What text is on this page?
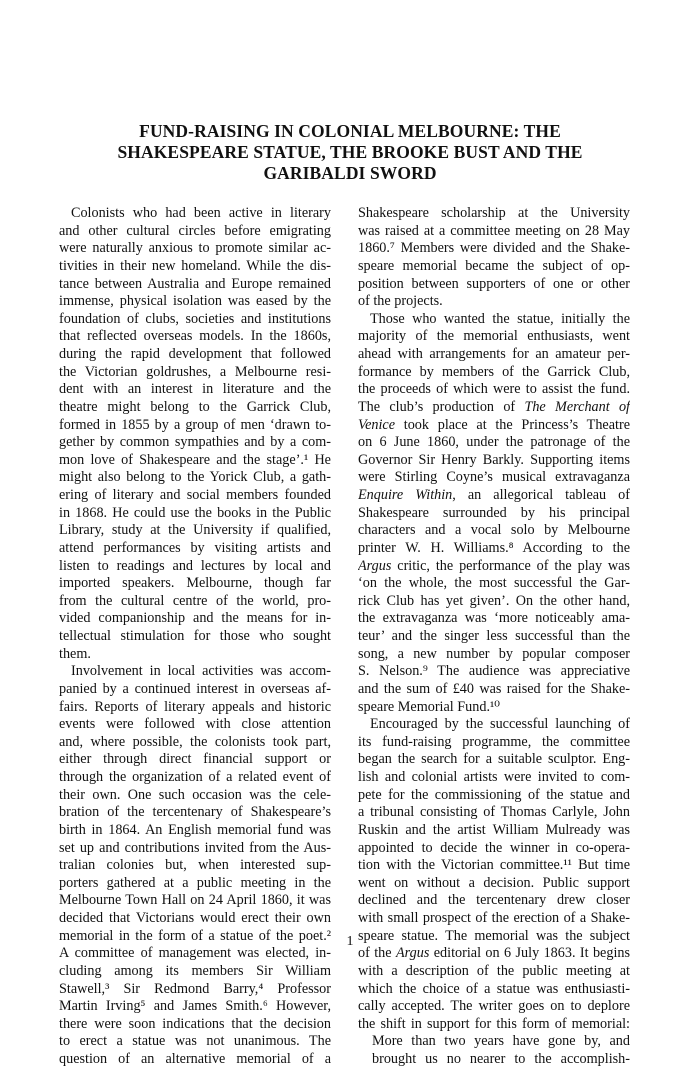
FUND-RAISING IN COLONIAL MELBOURNE: THE
SHAKESPEARE STATUE, THE BROOKE BUST AND THE
GARIBALDI SWORD
Colonists who had been active in literary
and other cultural circles before emigrating
were naturally anxious to promote similar ac-
tivities in their new homeland. While the dis-
tance between Australia and Europe remained
immense, physical isolation was eased by the
foundation of clubs, societies and institutions
that reflected overseas models. In the 1860s,
during the rapid development that followed
the Victorian goldrushes, a Melbourne resi-
dent with an interest in literature and the
theatre might belong to the Garrick Club,
formed in 1855 by a group of men ‘drawn to-
gether by common sympathies and by a com-
mon love of Shakespeare and the stage’.¹ He
might also belong to the Yorick Club, a gath-
ering of literary and social members founded
in 1868. He could use the books in the Public
Library, study at the University if qualified,
attend performances by visiting artists and
listen to readings and lectures by local and
imported speakers. Melbourne, though far
from the cultural centre of the world, pro-
vided companionship and the means for in-
tellectual stimulation for those who sought
them.
Involvement in local activities was accom-
panied by a continued interest in overseas af-
fairs. Reports of literary appeals and historic
events were followed with close attention
and, where possible, the colonists took part,
either through direct financial support or
through the organization of a related event of
their own. One such occasion was the cele-
bration of the tercentenary of Shakespeare’s
birth in 1864. An English memorial fund was
set up and contributions invited from the Aus-
tralian colonies but, when interested sup-
porters gathered at a public meeting in the
Melbourne Town Hall on 24 April 1860, it was
decided that Victorians would erect their own
memorial in the form of a statue of the poet.²
A committee of management was elected, in-
cluding among its members Sir William
Stawell,³ Sir Redmond Barry,⁴ Professor
Martin Irving⁵ and James Smith.⁶ However,
there were soon indications that the decision
to erect a statue was not unanimous. The
question of an alternative memorial of a
Shakespeare scholarship at the University
was raised at a committee meeting on 28 May
1860.⁷ Members were divided and the Shake-
speare memorial became the subject of op-
position between supporters of one or other
of the projects.
Those who wanted the statue, initially the
majority of the memorial enthusiasts, went
ahead with arrangements for an amateur per-
formance by members of the Garrick Club,
the proceeds of which were to assist the fund.
The club’s production of The Merchant of
Venice took place at the Princess’s Theatre
on 6 June 1860, under the patronage of the
Governor Sir Henry Barkly. Supporting items
were Stirling Coyne’s musical extravaganza
Enquire Within, an allegorical tableau of
Shakespeare surrounded by his principal
characters and a vocal solo by Melbourne
printer W. H. Williams.⁸ According to the
Argus critic, the performance of the play was
‘on the whole, the most successful the Gar-
rick Club has yet given’. On the other hand,
the extravaganza was ‘more noticeably ama-
teur’ and the singer less successful than the
song, a new number by popular composer
S. Nelson.⁹ The audience was appreciative
and the sum of £40 was raised for the Shake-
speare Memorial Fund.¹⁰
Encouraged by the successful launching of
its fund-raising programme, the committee
began the search for a suitable sculptor. Eng-
lish and colonial artists were invited to com-
pete for the commissioning of the statue and
a tribunal consisting of Thomas Carlyle, John
Ruskin and the artist William Mulready was
appointed to decide the winner in co-opera-
tion with the Victorian committee.¹¹ But time
went on without a decision. Public support
declined and the tercentenary drew closer
with small prospect of the erection of a Shake-
speare statue. The memorial was the subject
of the Argus editorial on 6 July 1863. It begins
with a description of the public meeting at
which the choice of a statue was enthusiasti-
cally accepted. The writer goes on to deplore
the shift in support for this form of memorial:
More than two years have gone by, and
brought us no nearer to the accomplish-
1
